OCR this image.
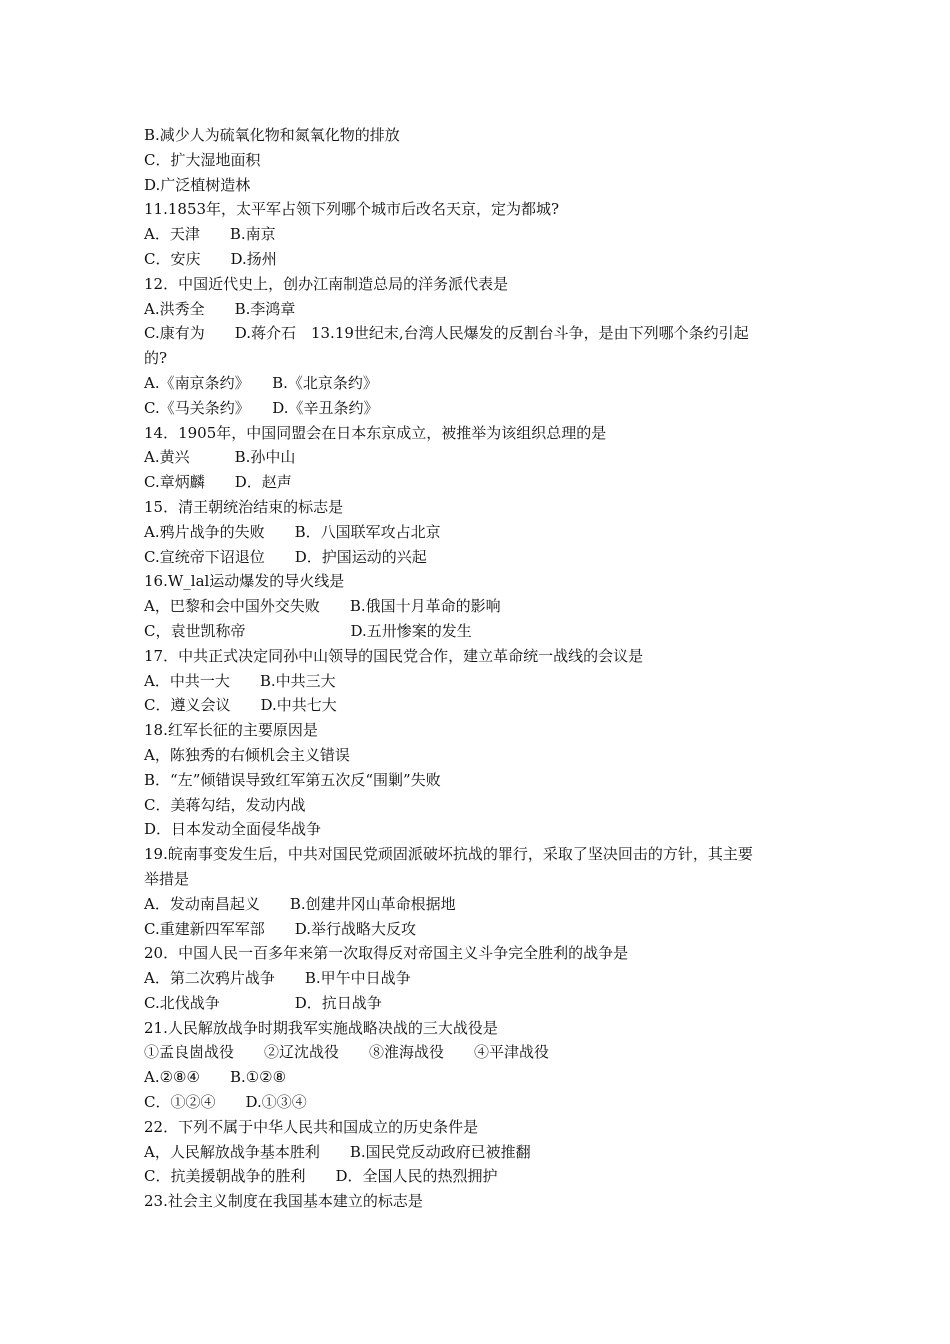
B.减少人为硫氧化物和氮氧化物的排放
C．扩大湿地面积
D.广泛植树造林
11.1853年，太平军占领下列哪个城市后改名天京，定为都城?
A．天津　　B.南京
C．安庆　　D.扬州
12．中国近代史上，创办江南制造总局的洋务派代表是
A.洪秀全　　B.李鸿章
C.康有为　　D.蒋介石　13.19世纪末,台湾人民爆发的反割台斗争，是由下列哪个条约引起
的?
A.《南京条约》　　B.《北京条约》
C.《马关条约》　　D.《辛丑条约》
14．1905年，中国同盟会在日本东京成立，被推举为该组织总理的是
A.黄兴　　　B.孙中山
C.章炳麟　　D．赵声
15．清王朝统治结束的标志是
A.鸦片战争的失败　　B．八国联军攻占北京
C.宣统帝下诏退位　　D．护国运动的兴起
16.W_lal运动爆发的导火线是
A，巴黎和会中国外交失败　　B.俄国十月革命的影响
C，袁世凯称帝　　　　　　　D.五卅惨案的发生
17．中共正式决定同孙中山领导的国民党合作，建立革命统一战线的会议是
A．中共一大　　B.中共三大
C．遵义会议　　D.中共七大
18.红军长征的主要原因是
A，陈独秀的右倾机会主义错误
B．“左”倾错误导致红军第五次反“围剿”失败
C．美蒋勾结，发动内战
D．日本发动全面侵华战争
19.皖南事变发生后，中共对国民党顽固派破坏抗战的罪行，采取了坚决回击的方针，其主要
举措是
A．发动南昌起义　　B.创建井冈山革命根据地
C.重建新四军军部　　D.举行战略大反攻
20．中国人民一百多年来第一次取得反对帝国主义斗争完全胜利的战争是
A．第二次鸦片战争　　B.甲午中日战争
C.北伐战争　　　　　D．抗日战争
21.人民解放战争时期我军实施战略决战的三大战役是
①孟良崮战役　　②辽沈战役　　⑧淮海战役　　④平津战役
A.②⑧④　　B.①②⑧
C．①②④　　D.①③④
22．下列不属于中华人民共和国成立的历史条件是
A，人民解放战争基本胜利　　B.国民党反动政府已被推翻
C．抗美援朝战争的胜利　　D．全国人民的热烈拥护
23.社会主义制度在我国基本建立的标志是
